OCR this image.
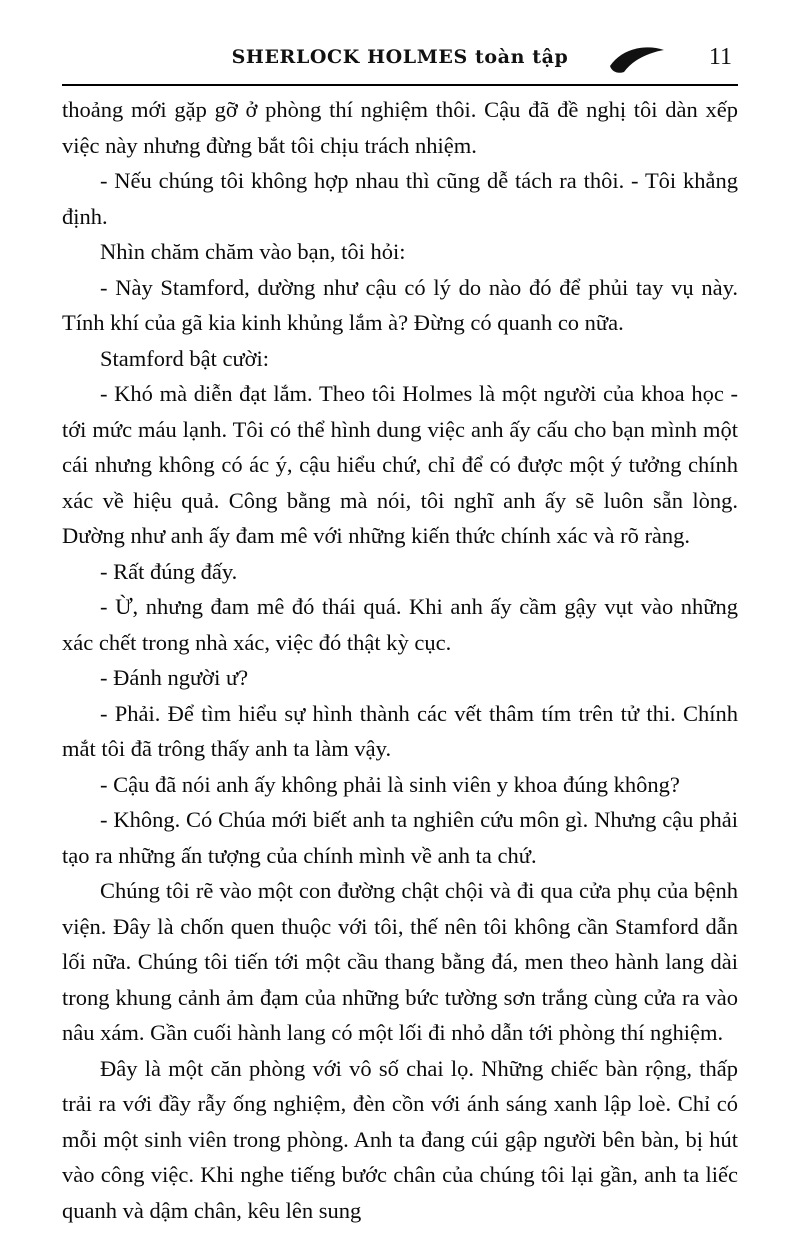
SHERLOCK HOLMES toàn tập	11

thoảng mới gặp gỡ ở phòng thí nghiệm thôi. Cậu đã đề nghị tôi dàn xếp việc này nhưng đừng bắt tôi chịu trách nhiệm.

- Nếu chúng tôi không hợp nhau thì cũng dễ tách ra thôi. - Tôi khẳng định.

Nhìn chăm chăm vào bạn, tôi hỏi:

- Này Stamford, dường như cậu có lý do nào đó để phủi tay vụ này. Tính khí của gã kia kinh khủng lắm à? Đừng có quanh co nữa.

Stamford bật cười:

- Khó mà diễn đạt lắm. Theo tôi Holmes là một người của khoa học - tới mức máu lạnh. Tôi có thể hình dung việc anh ấy cấu cho bạn mình một cái nhưng không có ác ý, cậu hiểu chứ, chỉ để có được một ý tưởng chính xác về hiệu quả. Công bằng mà nói, tôi nghĩ anh ấy sẽ luôn sẵn lòng. Dường như anh ấy đam mê với những kiến thức chính xác và rõ ràng.

- Rất đúng đấy.

- Ừ, nhưng đam mê đó thái quá. Khi anh ấy cầm gậy vụt vào những xác chết trong nhà xác, việc đó thật kỳ cục.

- Đánh người ư?

- Phải. Để tìm hiểu sự hình thành các vết thâm tím trên tử thi. Chính mắt tôi đã trông thấy anh ta làm vậy.

- Cậu đã nói anh ấy không phải là sinh viên y khoa đúng không?

- Không. Có Chúa mới biết anh ta nghiên cứu môn gì. Nhưng cậu phải tạo ra những ấn tượng của chính mình về anh ta chứ.

Chúng tôi rẽ vào một con đường chật chội và đi qua cửa phụ của bệnh viện. Đây là chốn quen thuộc với tôi, thế nên tôi không cần Stamford dẫn lối nữa. Chúng tôi tiến tới một cầu thang bằng đá, men theo hành lang dài trong khung cảnh ảm đạm của những bức tường sơn trắng cùng cửa ra vào nâu xám. Gần cuối hành lang có một lối đi nhỏ dẫn tới phòng thí nghiệm.

Đây là một căn phòng với vô số chai lọ. Những chiếc bàn rộng, thấp trải ra với đầy rẫy ống nghiệm, đèn cồn với ánh sáng xanh lập loè. Chỉ có mỗi một sinh viên trong phòng. Anh ta đang cúi gập người bên bàn, bị hút vào công việc. Khi nghe tiếng bước chân của chúng tôi lại gần, anh ta liếc quanh và dậm chân, kêu lên sung
